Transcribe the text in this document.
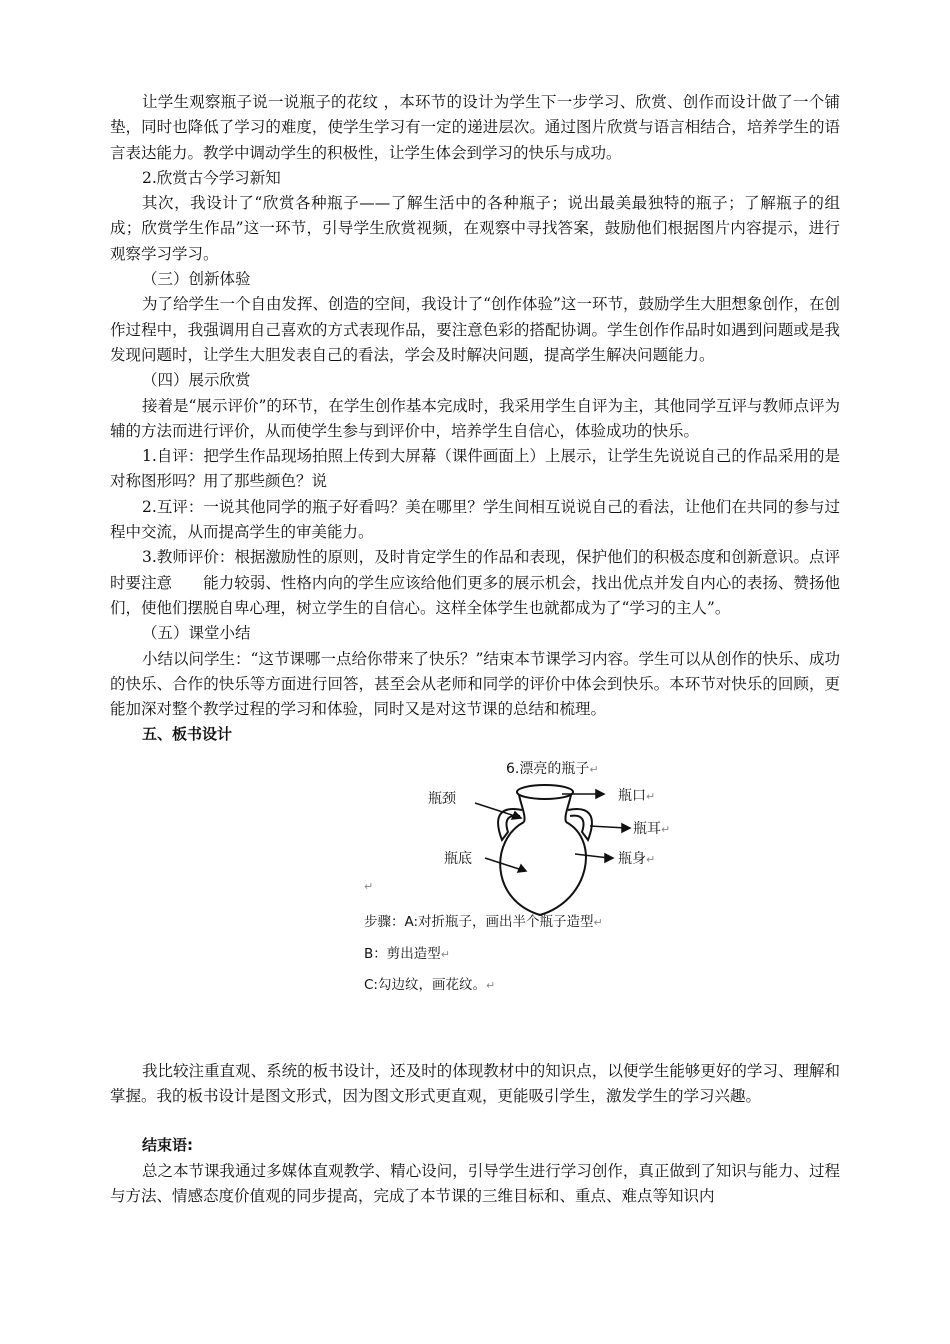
让学生观察瓶子说一说瓶子的花纹 ，本环节的设计为学生下一步学习、欣赏、创作而设计做了一个铺垫，同时也降低了学习的难度，使学生学习有一定的递进层次。通过图片欣赏与语言相结合，培养学生的语言表达能力。教学中调动学生的积极性，让学生体会到学习的快乐与成功。

2.欣赏古今学习新知

其次，我设计了“欣赏各种瓶子——了解生活中的各种瓶子；说出最美最独特的瓶子；了解瓶子的组成；欣赏学生作品”这一环节，引导学生欣赏视频，在观察中寻找答案，鼓励他们根据图片内容提示，进行观察学习学习。

（三）创新体验

为了给学生一个自由发挥、创造的空间，我设计了“创作体验”这一环节，鼓励学生大胆想象创作，在创作过程中，我强调用自己喜欢的方式表现作品，要注意色彩的搭配协调。学生创作作品时如遇到问题或是我发现问题时，让学生大胆发表自己的看法，学会及时解决问题，提高学生解决问题能力。

（四）展示欣赏

接着是“展示评价”的环节，在学生创作基本完成时，我采用学生自评为主，其他同学互评与教师点评为辅的方法而进行评价，从而使学生参与到评价中，培养学生自信心，体验成功的快乐。

1.自评：把学生作品现场拍照上传到大屏幕（课件画面上）上展示，让学生先说说自己的作品采用的是对称图形吗？用了那些颜色？说

2.互评：一说其他同学的瓶子好看吗？美在哪里？学生间相互说说自己的看法，让他们在共同的参与过程中交流，从而提高学生的审美能力。

3.教师评价：根据激励性的原则，及时肯定学生的作品和表现，保护他们的积极态度和创新意识。点评时要注意　　能力较弱、性格内向的学生应该给他们更多的展示机会，找出优点并发自内心的表扬、赞扬他们，使他们摆脱自卑心理，树立学生的自信心。这样全体学生也就都成为了“学习的主人”。

（五）课堂小结

小结以问学生：“这节课哪一点给你带来了快乐？”结束本节课学习内容。学生可以从创作的快乐、成功的快乐、合作的快乐等方面进行回答，甚至会从老师和同学的评价中体会到快乐。本环节对快乐的回顾，更能加深对整个教学过程的学习和体验，同时又是对这节课的总结和梳理。

五、板书设计

6.漂亮的瓶子↵
瓶颈	瓶口↵
瓶耳↵
瓶底	瓶身↵
↵
步骤：A:对折瓶子，画出半个瓶子造型↵
B：剪出造型↵
C:勾边纹，画花纹。↵

我比较注重直观、系统的板书设计，还及时的体现教材中的知识点，以便学生能够更好的学习、理解和掌握。我的板书设计是图文形式，因为图文形式更直观，更能吸引学生，激发学生的学习兴趣。

结束语:

总之本节课我通过多媒体直观教学、精心设问，引导学生进行学习创作，真正做到了知识与能力、过程与方法、情感态度价值观的同步提高，完成了本节课的三维目标和、重点、难点等知识内
